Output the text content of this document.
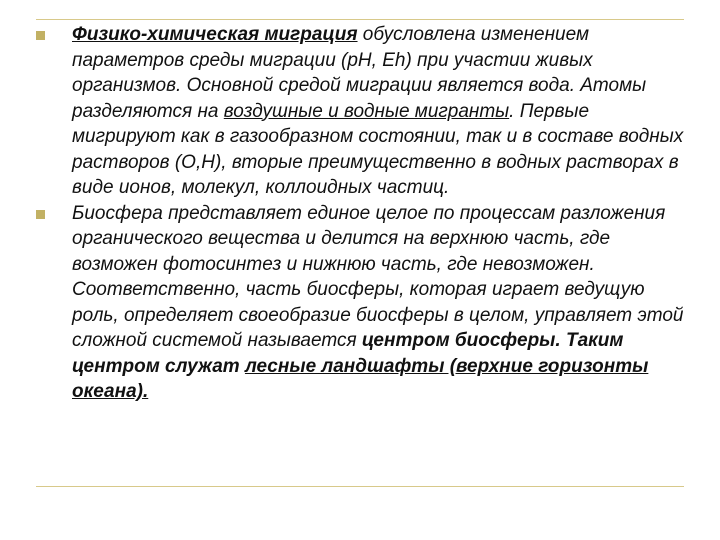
Физико-химическая миграция обусловлена изменением параметров среды миграции (pH, Eh) при участии живых организмов. Основной средой миграции является вода. Атомы разделяются на воздушные и водные мигранты. Первые мигрируют как в газообразном состоянии, так и в составе водных растворов (O,H), вторые преимущественно в водных растворах в виде ионов, молекул, коллоидных частиц.
Биосфера представляет единое целое по процессам разложения органического вещества и делится на верхнюю часть, где возможен фотосинтез и нижнюю часть, где невозможен. Соответственно, часть биосферы, которая играет ведущую роль, определяет своеобразие биосферы в целом, управляет этой сложной системой называется центром биосферы. Таким центром служат лесные ландшафты (верхние горизонты океана).
